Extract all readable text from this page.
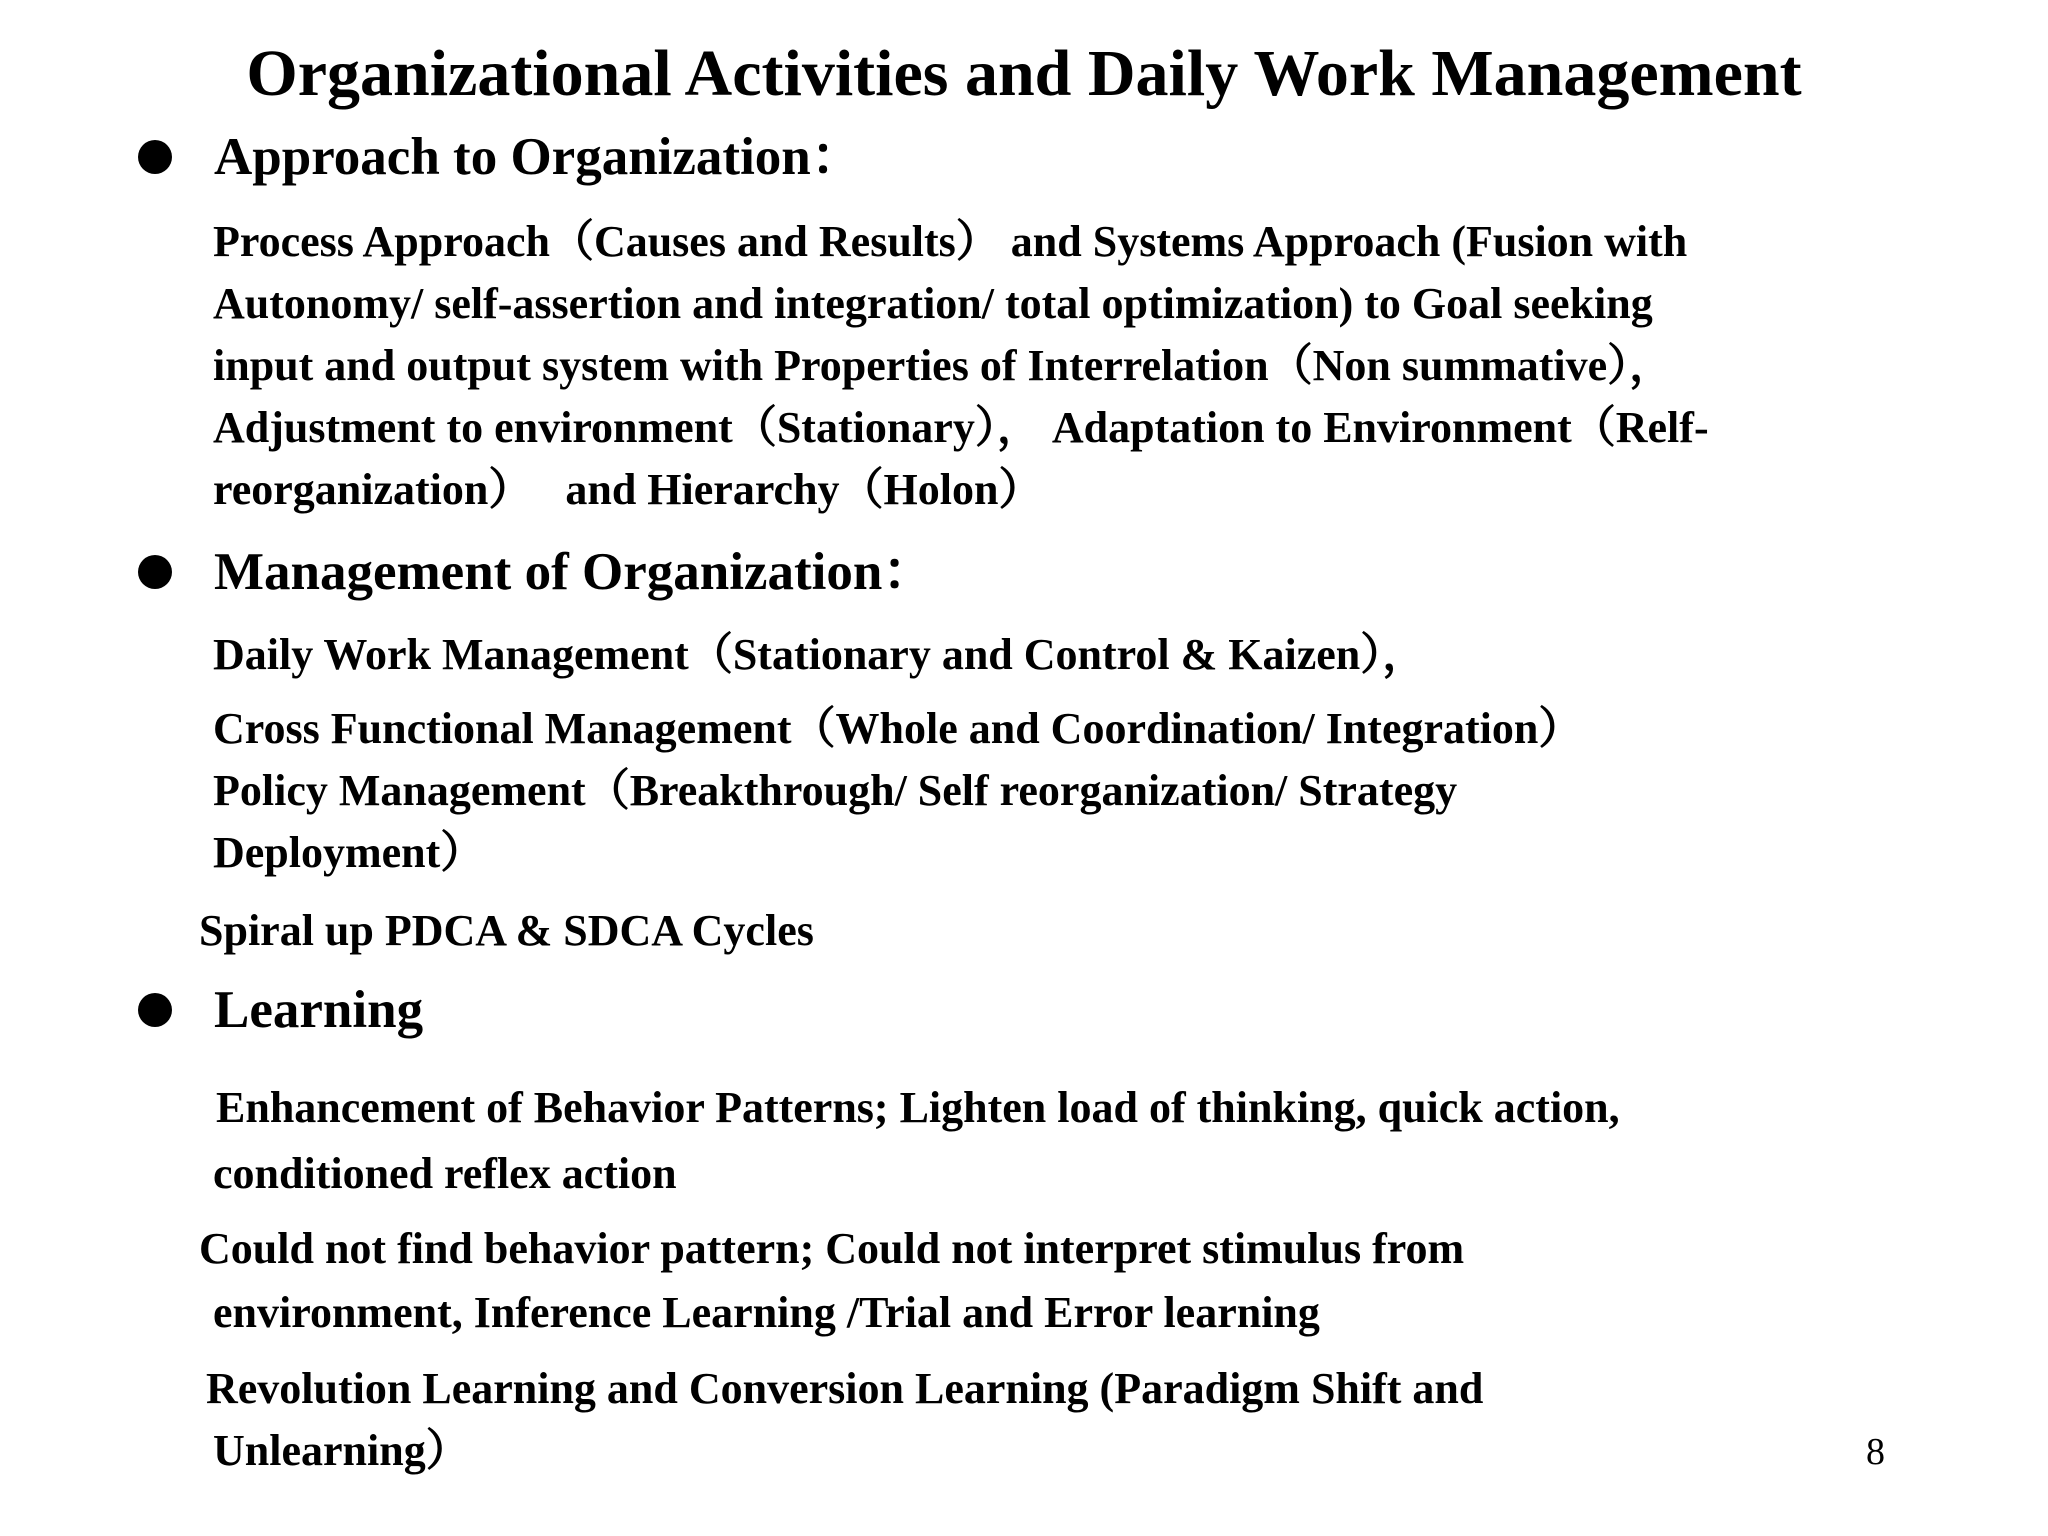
Organizational Activities and Daily Work Management
Approach to Organization：
Process Approach（Causes and Results） and Systems Approach (Fusion with
Autonomy/ self-assertion and integration/ total optimization) to Goal seeking
input and output system with Properties of Interrelation（Non summative），
Adjustment to environment（Stationary）， Adaptation to Environment（Relf-
reorganization）   and Hierarchy（Holon）
Management of Organization：
Daily Work Management（Stationary and Control & Kaizen），
Cross Functional Management（Whole and Coordination/ Integration）
Policy Management（Breakthrough/ Self reorganization/ Strategy
Deployment）
Spiral up PDCA & SDCA Cycles
Learning
Enhancement of Behavior Patterns; Lighten load of thinking, quick action,
conditioned reflex action
Could not find behavior pattern; Could not interpret stimulus from
environment, Inference Learning /Trial and Error learning
Revolution Learning and Conversion Learning (Paradigm Shift and
Unlearning）	8
